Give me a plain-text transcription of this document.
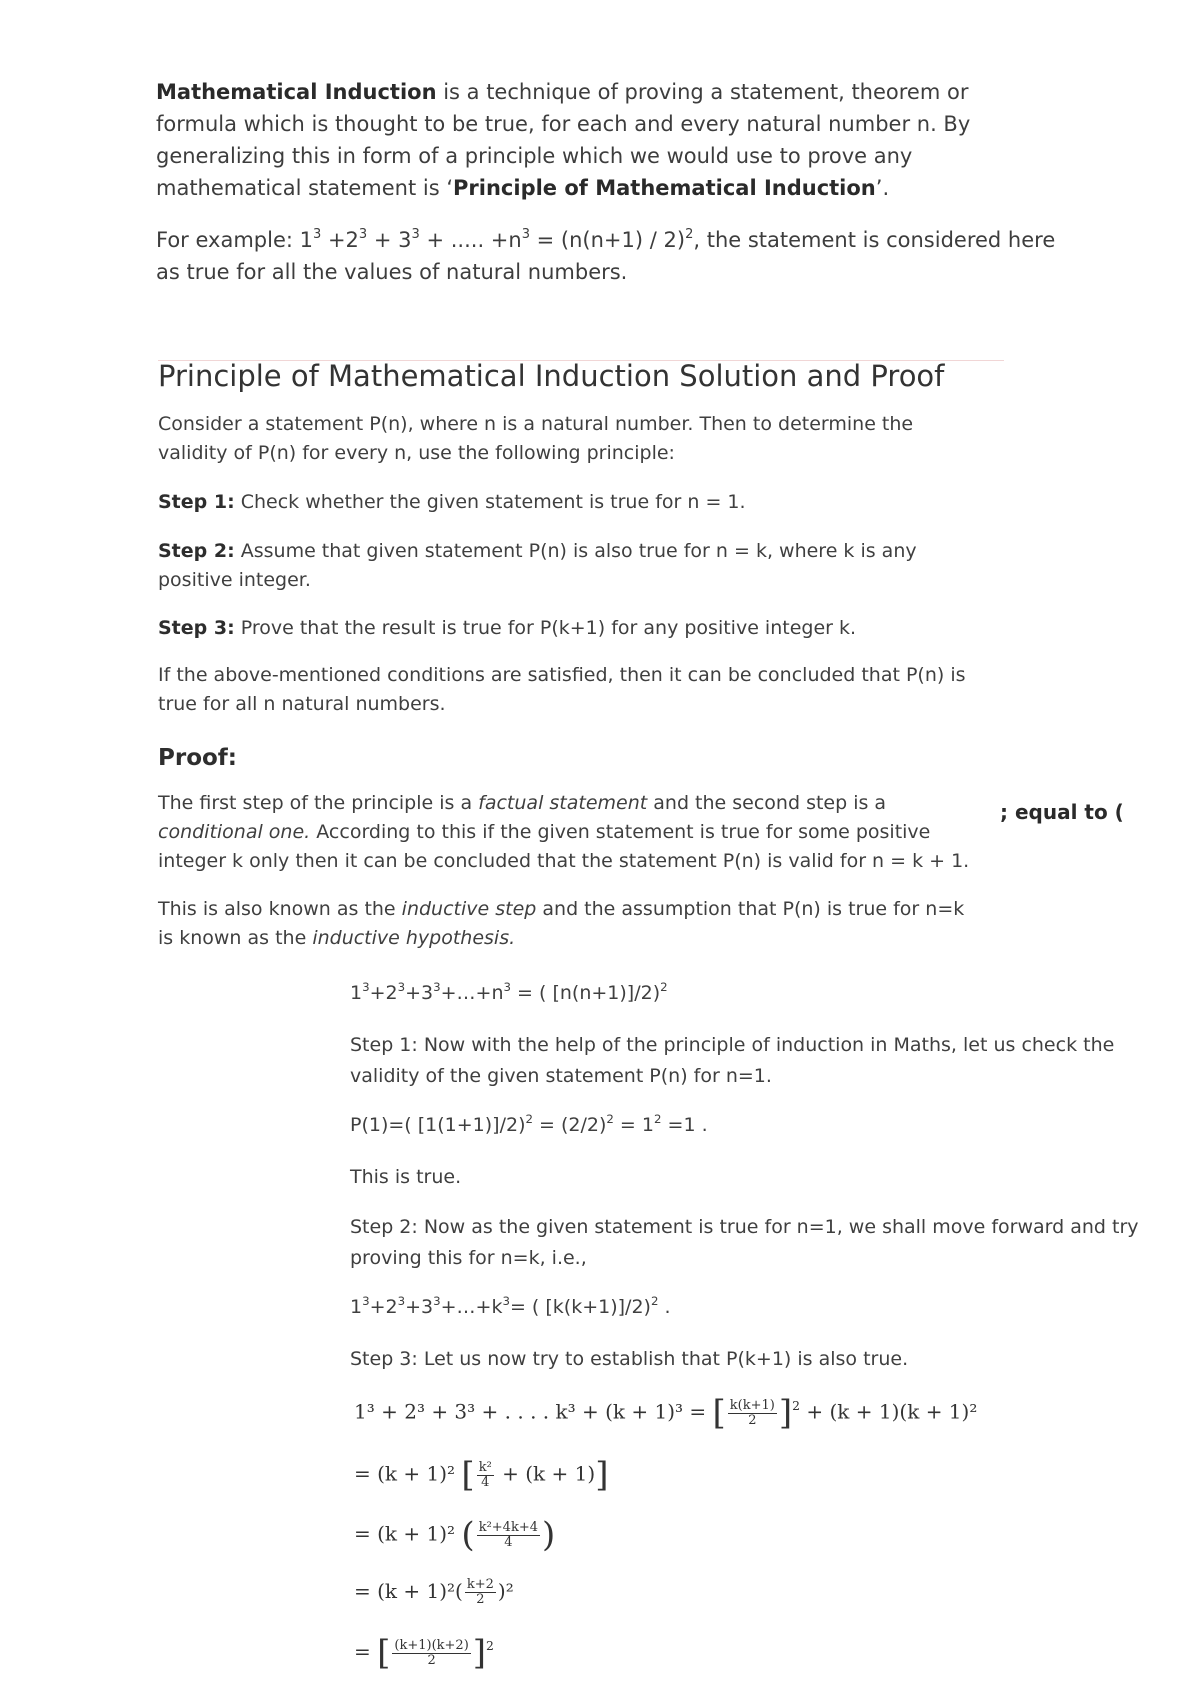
Mathematical Induction is a technique of proving a statement, theorem or formula which is thought to be true, for each and every natural number n. By generalizing this in form of a principle which we would use to prove any mathematical statement is ‘Principle of Mathematical Induction’.

For example: $1^3 +2^3 + 3^3$ + ..... $+n^3 = (n(n+1) / 2)^2$, the statement is considered here as true for all the values of natural numbers.

Principle of Mathematical Induction Solution and Proof

Consider a statement P(n), where n is a natural number. Then to determine the validity of P(n) for every n, use the following principle:

Step 1: Check whether the given statement is true for n = 1.

Step 2: Assume that given statement P(n) is also true for n = k, where k is any positive integer.

Step 3: Prove that the result is true for P(k+1) for any positive integer k.

If the above-mentioned conditions are satisfied, then it can be concluded that P(n) is true for all n natural numbers.

Proof:

The first step of the principle is a factual statement and the second step is a conditional one. According to this if the given statement is true for some positive integer k only then it can be concluded that the statement P(n) is valid for n = k + 1.

; equal to (

This is also known as the inductive step and the assumption that P(n) is true for n=k is known as the inductive hypothesis.

$1^3+2^3+3^3+\dots+n^3$ = ( [n(n+1)]/2)$^2$

Step 1: Now with the help of the principle of induction in Maths, let us check the validity of the given statement P(n) for n=1.

P(1)=( $[1(1+1)]/2)^2 = (2/2)^2 = 1^2 =1$ .

This is true.

Step 2: Now as the given statement is true for n=1, we shall move forward and try proving this for n=k, i.e.,

$1^3+2^3+3^3+\dots+k^3=$ ( [k(k+1)]/2)$^2$ .

Step 3: Let us now try to establish that P(k+1) is also true.

1³ + 2³ + 3³ + . . . . k³ + (k + 1)³ = [ $\frac{k(k+1)}{2} ]^2 + (k + 1)(k + 1)^2$
= (k + 1)² [ $\frac{\text{k²}}{4} + (k + 1)$]
= (k + 1)² ( $\frac{\text{k²+4k+4}}{4}$ )
= $(k + 1)^2( \frac{k+2}{2} )^2$
= [ $\frac{(k+1)(k+2)}{2} ]^2$
